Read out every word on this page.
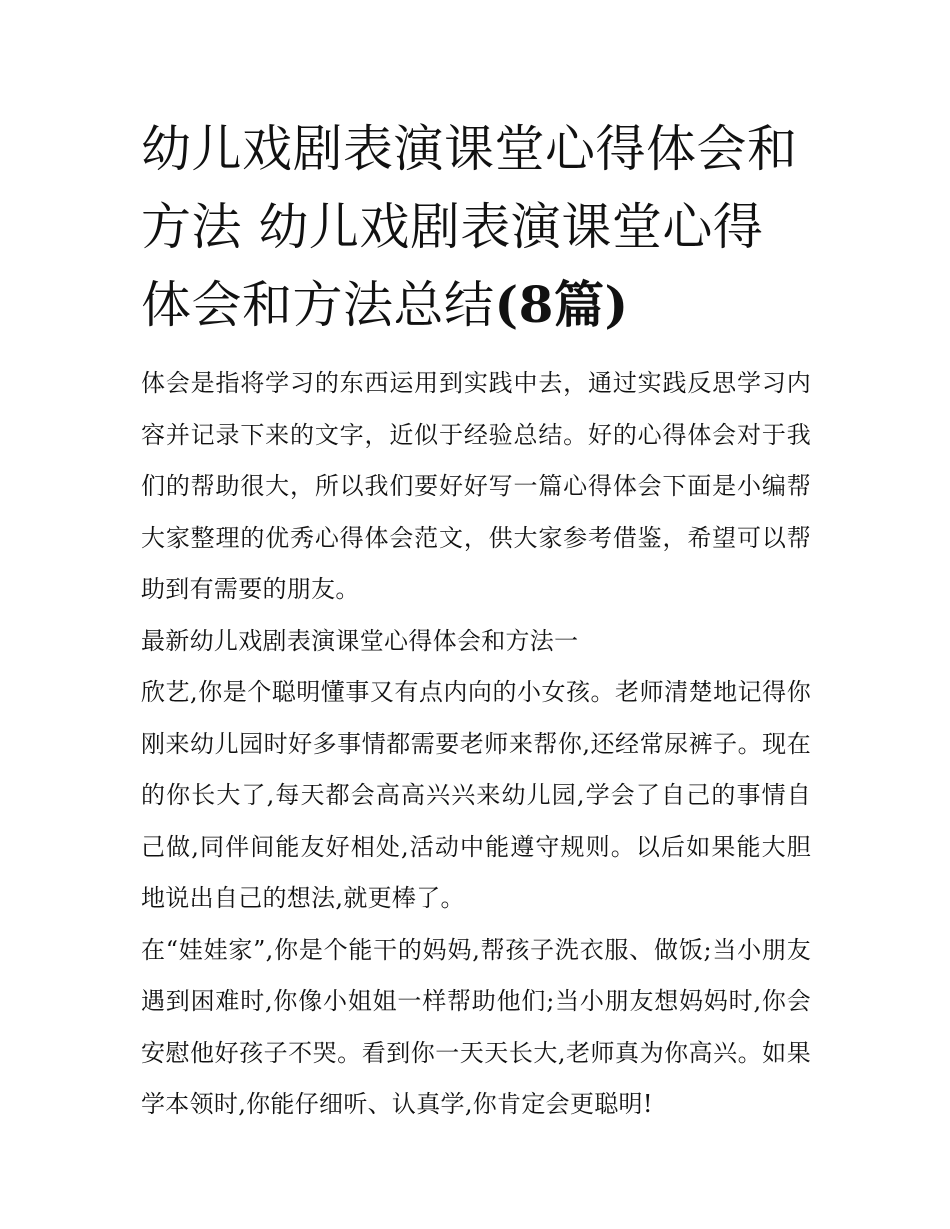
幼儿戏剧表演课堂心得体会和方法 幼儿戏剧表演课堂心得体会和方法总结(8篇)

体会是指将学习的东西运用到实践中去，通过实践反思学习内容并记录下来的文字，近似于经验总结。好的心得体会对于我们的帮助很大，所以我们要好好写一篇心得体会下面是小编帮大家整理的优秀心得体会范文，供大家参考借鉴，希望可以帮助到有需要的朋友。

最新幼儿戏剧表演课堂心得体会和方法一

欣艺,你是个聪明懂事又有点内向的小女孩。老师清楚地记得你刚来幼儿园时好多事情都需要老师来帮你,还经常尿裤子。现在的你长大了,每天都会高高兴兴来幼儿园,学会了自己的事情自己做,同伴间能友好相处,活动中能遵守规则。以后如果能大胆地说出自己的想法,就更棒了。

在“娃娃家”,你是个能干的妈妈,帮孩子洗衣服、做饭;当小朋友遇到困难时,你像小姐姐一样帮助他们;当小朋友想妈妈时,你会安慰他好孩子不哭。看到你一天天长大,老师真为你高兴。如果学本领时,你能仔细听、认真学,你肯定会更聪明!
